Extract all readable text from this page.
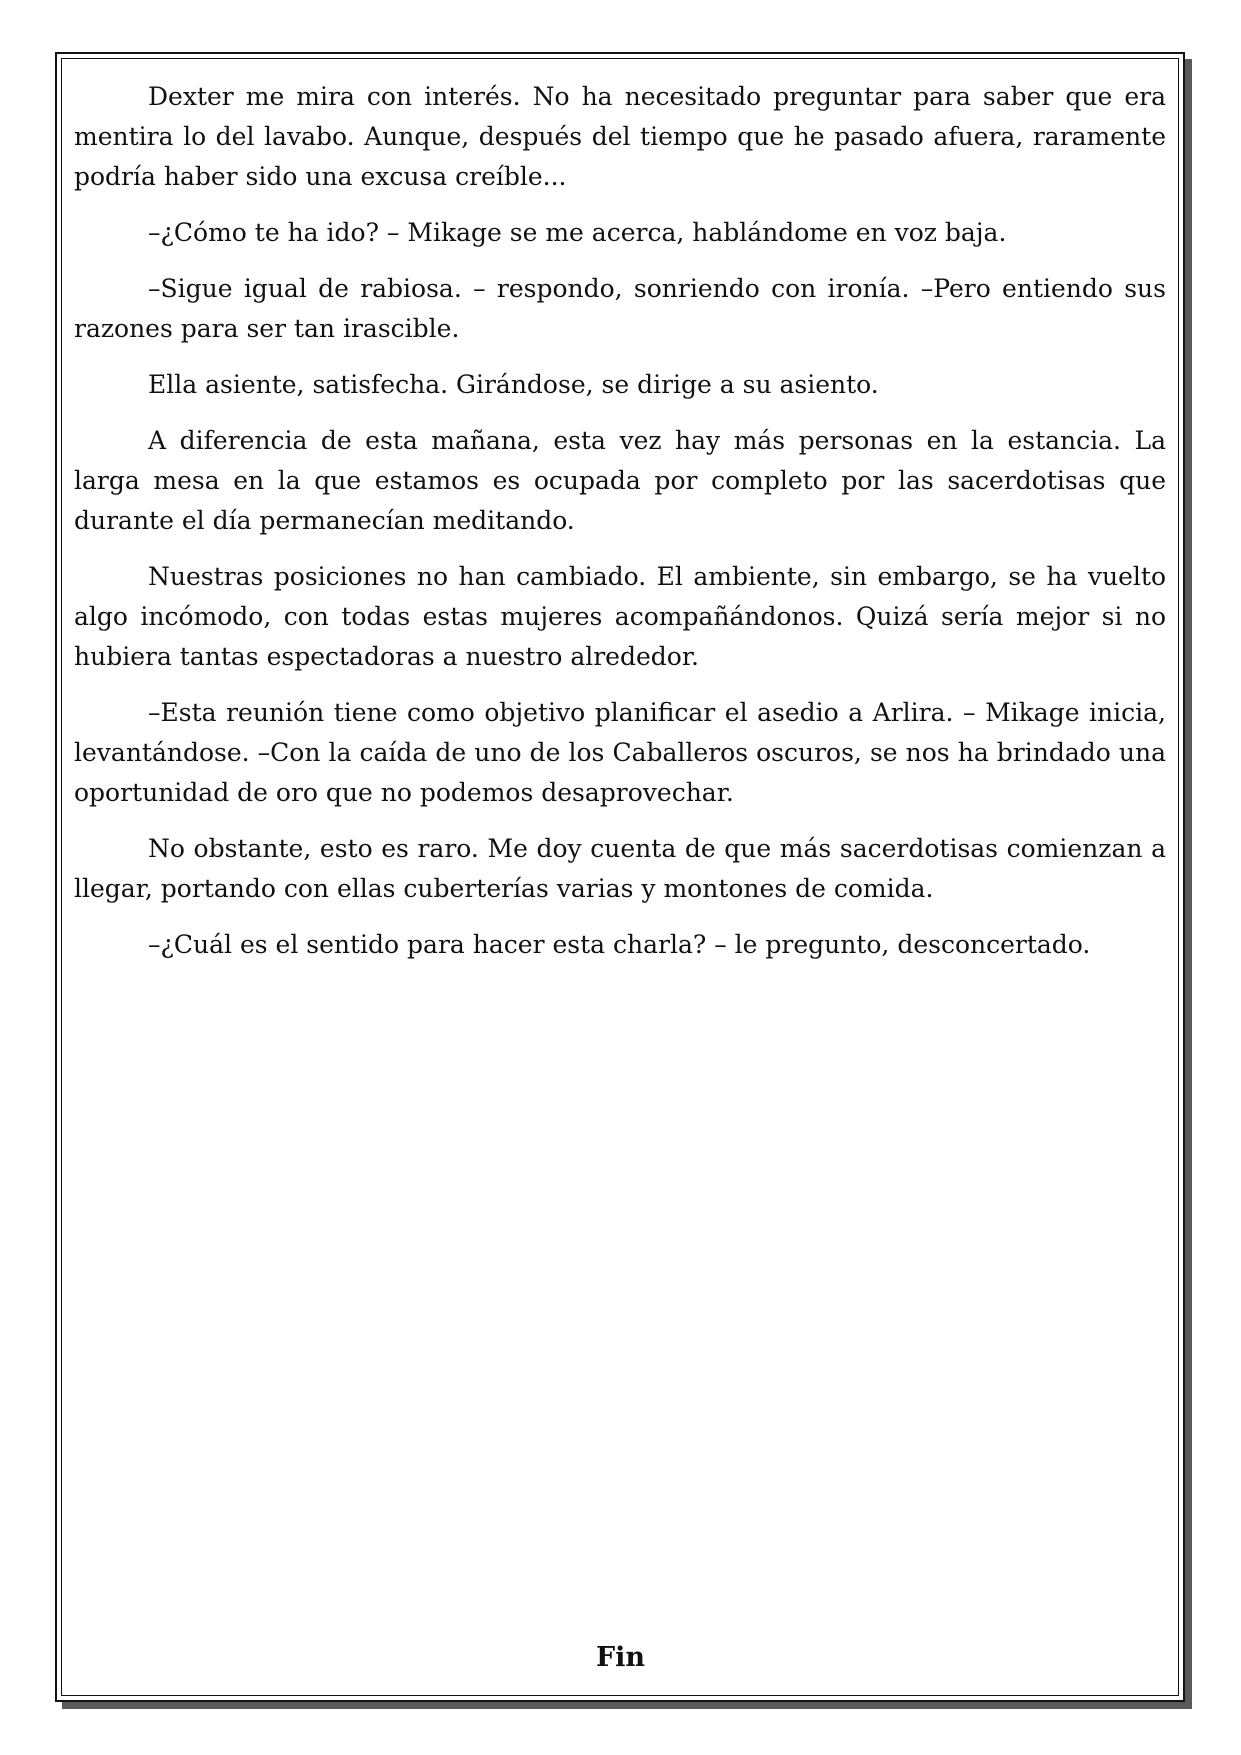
Dexter me mira con interés. No ha necesitado preguntar para saber que era mentira lo del lavabo. Aunque, después del tiempo que he pasado afuera, raramente podría haber sido una excusa creíble...

–¿Cómo te ha ido? – Mikage se me acerca, hablándome en voz baja.

–Sigue igual de rabiosa. – respondo, sonriendo con ironía. –Pero entiendo sus razones para ser tan irascible.

Ella asiente, satisfecha. Girándose, se dirige a su asiento.

A diferencia de esta mañana, esta vez hay más personas en la estancia. La larga mesa en la que estamos es ocupada por completo por las sacerdotisas que durante el día permanecían meditando.

Nuestras posiciones no han cambiado. El ambiente, sin embargo, se ha vuelto algo incómodo, con todas estas mujeres acompañándonos. Quizá sería mejor si no hubiera tantas espectadoras a nuestro alrededor.

–Esta reunión tiene como objetivo planificar el asedio a Arlira. – Mikage inicia, levantándose. –Con la caída de uno de los Caballeros oscuros, se nos ha brindado una oportunidad de oro que no podemos desaprovechar.

No obstante, esto es raro. Me doy cuenta de que más sacerdotisas comienzan a llegar, portando con ellas cuberterías varias y montones de comida.

–¿Cuál es el sentido para hacer esta charla? – le pregunto, desconcertado.

Fin
